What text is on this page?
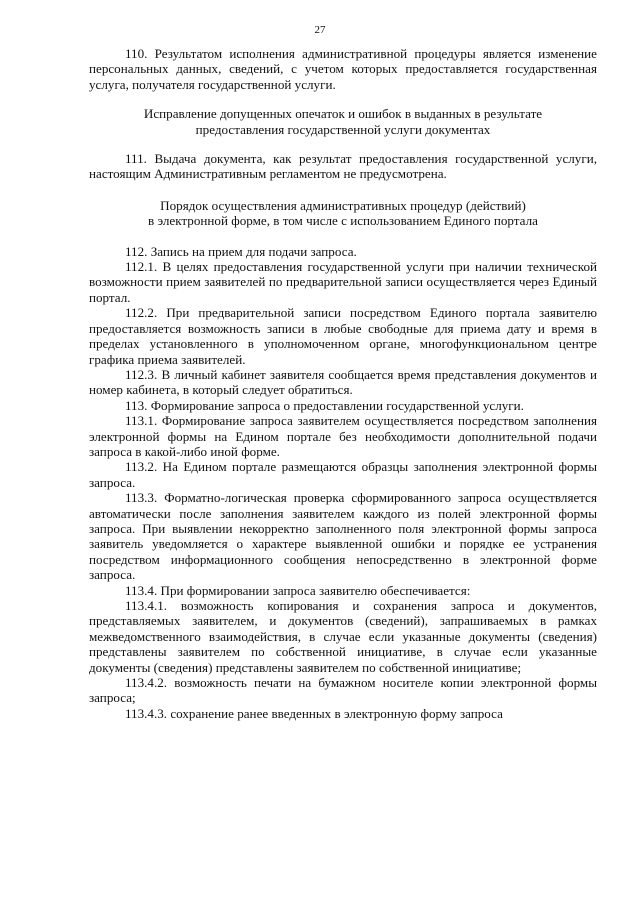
27

110. Результатом исполнения административной процедуры является изменение персональных данных, сведений, с учетом которых предоставляется государственная услуга, получателя государственной услуги.

Исправление допущенных опечаток и ошибок в выданных в результате

предоставления государственной услуги документах

111. Выдача документа, как результат предоставления государственной услуги, настоящим Административным регламентом не предусмотрена.

Порядок осуществления административных процедур (действий)

в электронной форме, в том числе с использованием Единого портала

112. Запись на прием для подачи запроса.

112.1. В целях предоставления государственной услуги при наличии технической возможности прием заявителей по предварительной записи осуществляется через Единый портал.

112.2. При предварительной записи посредством Единого портала заявителю предоставляется возможность записи в любые свободные для приема дату и время в пределах установленного в уполномоченном органе, многофункциональном центре графика приема заявителей.

112.3. В личный кабинет заявителя сообщается время представления документов и номер кабинета, в который следует обратиться.

113. Формирование запроса о предоставлении государственной услуги.

113.1. Формирование запроса заявителем осуществляется посредством заполнения электронной формы на Едином портале без необходимости дополнительной подачи запроса в какой-либо иной форме.

113.2. На Едином портале размещаются образцы заполнения электронной формы запроса.

113.3. Форматно-логическая проверка сформированного запроса осуществляется автоматически после заполнения заявителем каждого из полей электронной формы запроса. При выявлении некорректно заполненного поля электронной формы запроса заявитель уведомляется о характере выявленной ошибки и порядке ее устранения посредством информационного сообщения непосредственно в электронной форме запроса.

113.4. При формировании запроса заявителю обеспечивается:

113.4.1. возможность копирования и сохранения запроса и документов, представляемых заявителем, и документов (сведений), запрашиваемых в рамках межведомственного взаимодействия, в случае если указанные документы (сведения) представлены заявителем по собственной инициативе, в случае если указанные документы (сведения) представлены заявителем по собственной инициативе;

113.4.2. возможность печати на бумажном носителе копии электронной формы запроса;

113.4.3. сохранение ранее введенных в электронную форму запроса
